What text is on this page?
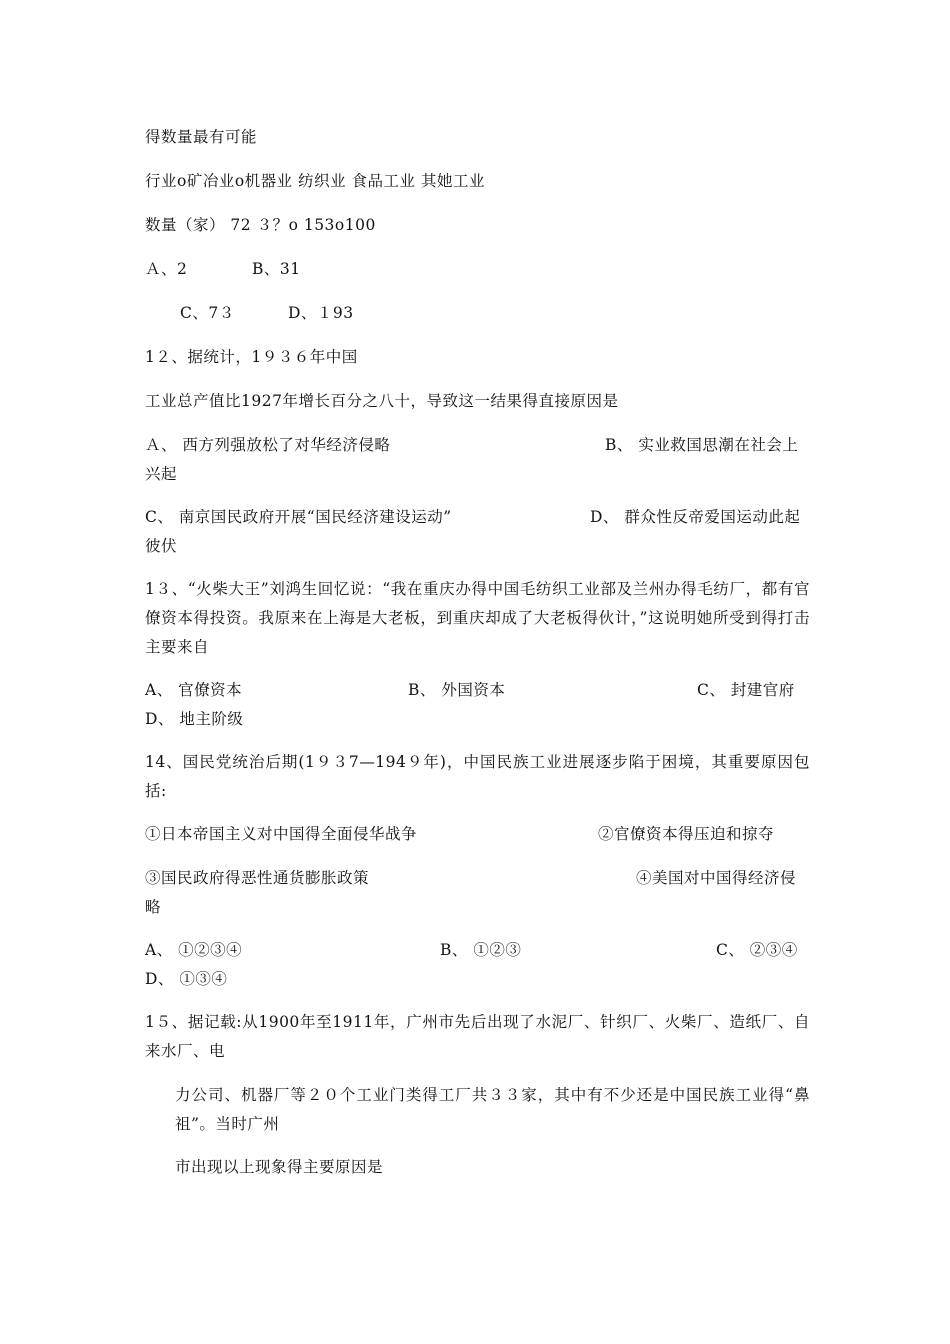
得数量最有可能
行业ο矿冶业ο机器业 纺织业 食品工业 其她工业
数量（家） 72 ３？ο 153ο100
Ａ、2	B、31
C、7３	D、１93
1２、据统计，1９３６年中国
工业总产值比1927年增长百分之八十，导致这一结果得直接原因是
Ａ、 西方列强放松了对华经济侵略	B、 实业救国思潮在社会上
兴起
C、 南京国民政府开展“国民经济建设运动”	D、 群众性反帝爱国运动此起
彼伏
1３、“火柴大王”刘鸿生回忆说：“我在重庆办得中国毛纺织工业部及兰州办得毛纺厂，都有官僚资本得投资。我原来在上海是大老板，到重庆却成了大老板得伙计，”这说明她所受到得打击主要来自
A、 官僚资本	B、 外国资本	C、 封建官府
D、 地主阶级
14、国民党统治后期(1９３7—194９年)，中国民族工业进展逐步陷于困境，其重要原因包括:
①日本帝国主义对中国得全面侵华战争	②官僚资本得压迫和掠夺
③国民政府得恶性通货膨胀政策	④美国对中国得经济侵
略
A、 ①②③④	B、 ①②③	C、 ②③④
D、 ①③④
1５、据记载:从1900年至1911年，广州市先后出现了水泥厂、针织厂、火柴厂、造纸厂、自来水厂、电
力公司、机器厂等２０个工业门类得工厂共３３家，其中有不少还是中国民族工业得“鼻祖”。当时广州
市出现以上现象得主要原因是
